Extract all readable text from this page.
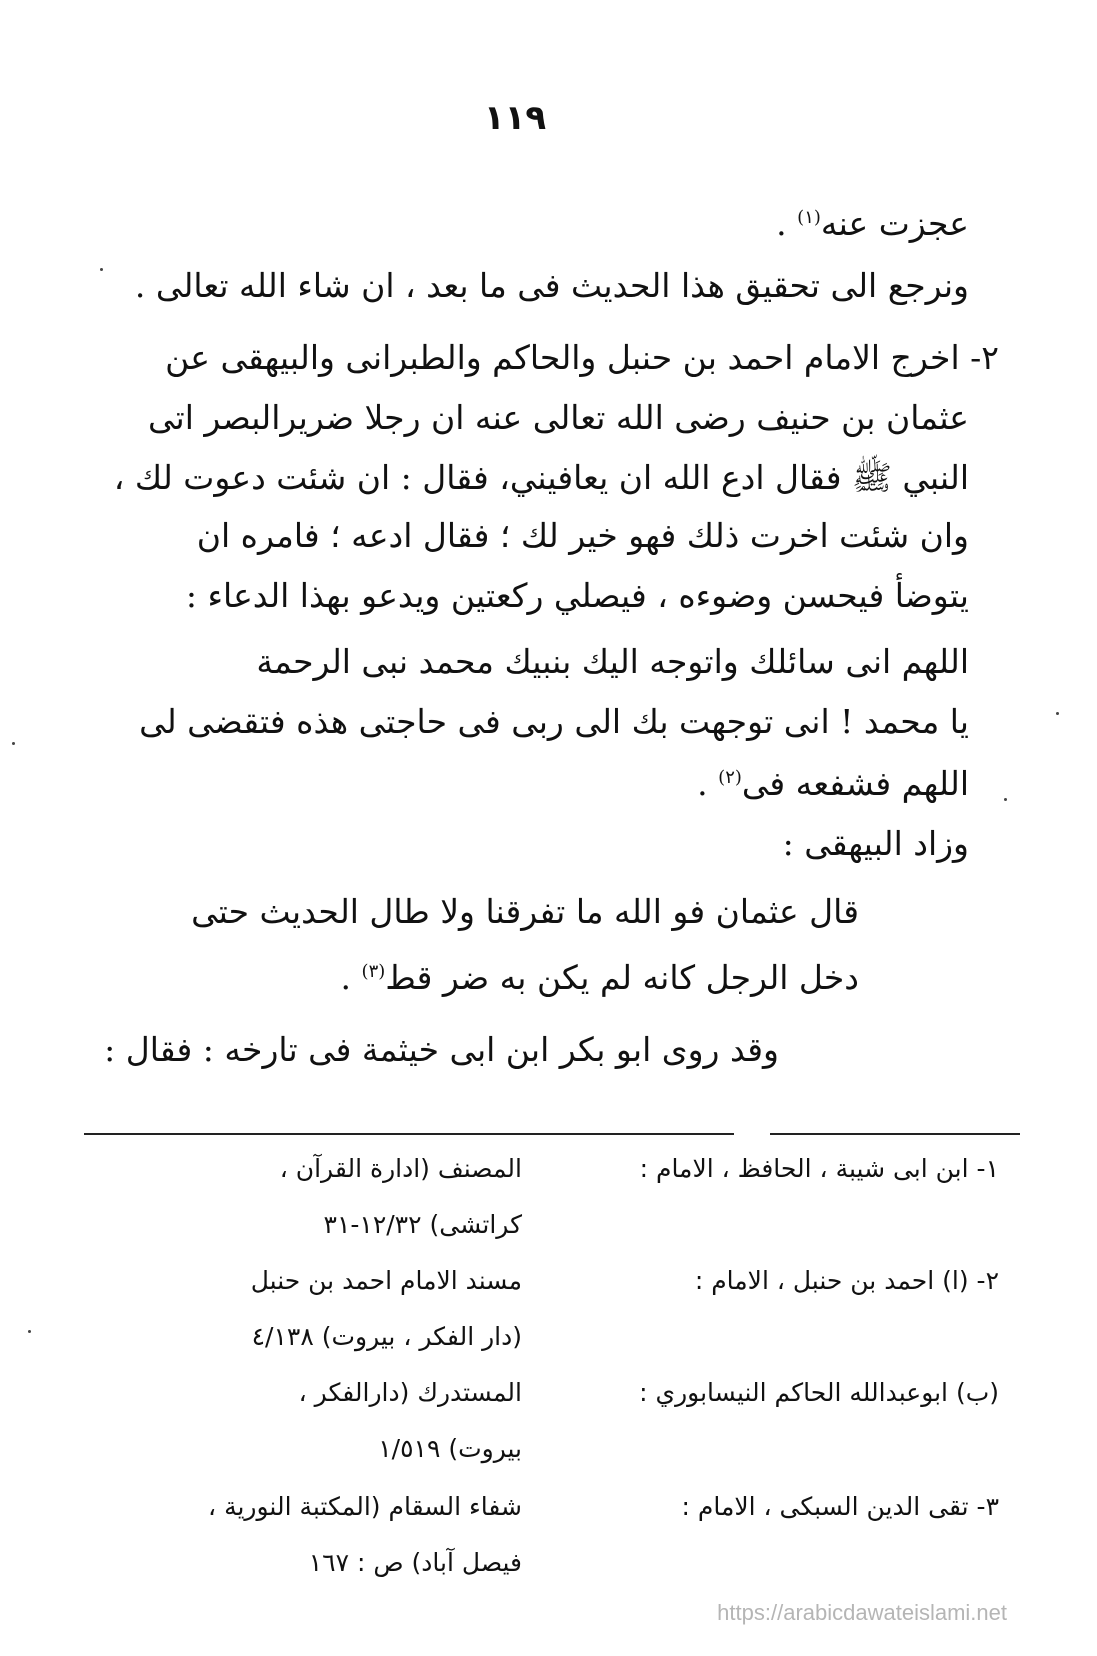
١١٩
عجزت عنه$^{(١)}$ .
ونرجع الى تحقيق هذا الحديث فى ما بعد ، ان شاء الله تعالى .
٢- اخرج الامام احمد بن حنبل والحاكم والطبرانى والبيهقى عن
عثمان بن حنيف رضى الله تعالى عنه ان رجلا ضريرالبصر اتى
النبي ﷺ فقال ادع الله ان يعافيني، فقال : ان شئت دعوت لك ،
وان شئت اخرت ذلك فهو خير لك ؛ فقال ادعه ؛ فامره ان
يتوضأ فيحسن وضوءه ، فيصلي ركعتين ويدعو بهذا الدعاء :
اللهم انى سائلك واتوجه اليك بنبيك محمد نبى الرحمة
يا محمد ! انى توجهت بك الى ربى فى حاجتى هذه فتقضى لى
اللهم فشفعه فى$^{(٢)}$ .
وزاد البيهقى :
قال عثمان فو الله ما تفرقنا ولا طال الحديث حتى
دخل الرجل كانه لم يكن به ضر قط$^{(٣)}$ .
وقد روى ابو بكر ابن ابى خيثمة فى تارخه : فقال :
١- ابن ابى شيبة ، الحافظ ، الامام :
المصنف (ادارة القرآن ،
كراتشى) ١٢/٣٢-٣١
٢- (ا) احمد بن حنبل ، الامام :
مسند الامام احمد بن حنبل
(دار الفكر ، بيروت) ٤/١٣٨
(ب) ابوعبدالله الحاكم النيسابوري :
المستدرك (دارالفكر ،
بيروت) ١/٥١٩
٣- تقى الدين السبكى ، الامام :
شفاء السقام (المكتبة النورية ،
فيصل آباد) ص : ١٦٧
https://arabicdawateislami.net
